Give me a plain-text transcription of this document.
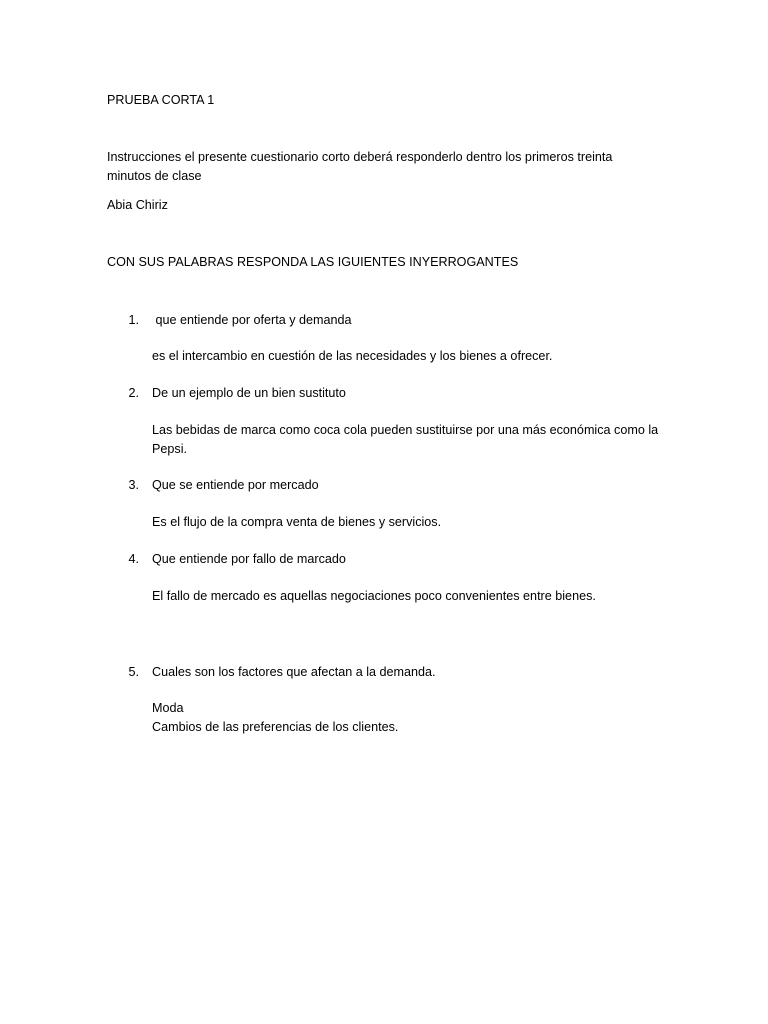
PRUEBA CORTA 1

Instrucciones el presente cuestionario corto deberá responderlo dentro los primeros treinta

minutos de clase

Abia Chiriz

CON SUS PALABRAS RESPONDA LAS IGUIENTES INYERROGANTES

1. que entiende por oferta y demanda

es el intercambio en cuestión de las necesidades y los bienes a ofrecer.

2. De un ejemplo de un bien sustituto

Las bebidas de marca como coca cola pueden sustituirse por una más económica como la

Pepsi.

3. Que se entiende por mercado

Es el flujo de la compra venta de bienes y servicios.

4. Que entiende por fallo de marcado

El fallo de mercado es aquellas negociaciones poco convenientes entre bienes.

5. Cuales son los factores que afectan a la demanda.

Moda

Cambios de las preferencias de los clientes.
